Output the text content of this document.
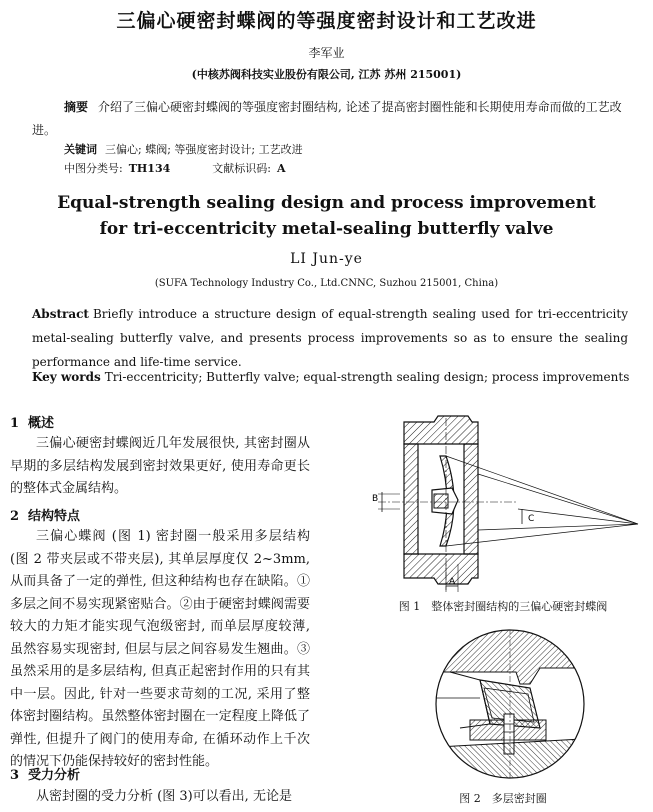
三偏心硬密封蝶阀的等强度密封设计和工艺改进
李军业
(中核苏阀科技实业股份有限公司, 江苏 苏州 215001)
摘要 介绍了三偏心硬密封蝶阀的等强度密封圈结构, 论述了提高密封圈性能和长期使用寿命而做的工艺改进。
关键词 三偏心; 蝶阀; 等强度密封设计; 工艺改进
中图分类号: TH134	文献标识码: A
Equal-strength sealing design and process improvement
for tri-eccentricity metal-sealing butterfly valve
LI Jun-ye
(SUFA Technology Industry Co., Ltd.CNNC, Suzhou 215001, China)
Abstract Briefly introduce a structure design of equal-strength sealing used for tri-eccentricity metal-sealing butterfly valve, and presents process improvements so as to ensure the sealing performance and life-time service.
Key words Tri-eccentricity; Butterfly valve; equal-strength sealing design; process improvements
1 概述
三偏心硬密封蝶阀近几年发展很快, 其密封圈从早期的多层结构发展到密封效果更好, 使用寿命更长的整体式金属结构。
2 结构特点
三偏心蝶阀 (图 1) 密封圈一般采用多层结构 (图 2 带夹层或不带夹层), 其单层厚度仅 2~3mm, 从而具备了一定的弹性, 但这种结构也存在缺陷。①多层之间不易实现紧密贴合。②由于硬密封蝶阀需要较大的力矩才能实现气泡级密封, 而单层厚度较薄, 虽然容易实现密封, 但层与层之间容易发生翘曲。③虽然采用的是多层结构, 但真正起密封作用的只有其中一层。因此, 针对一些要求苛刻的工况, 采用了整体密封圈结构。虽然整体密封圈在一定程度上降低了弹性, 但提升了阀门的使用寿命, 在循环动作上千次的情况下仍能保持较好的密封性能。
3 受力分析
从密封圈的受力分析 (图 3)可以看出, 无论是
B
C
A
图 1　整体密封圈结构的三偏心硬密封蝶阀
图 2　多层密封圈
